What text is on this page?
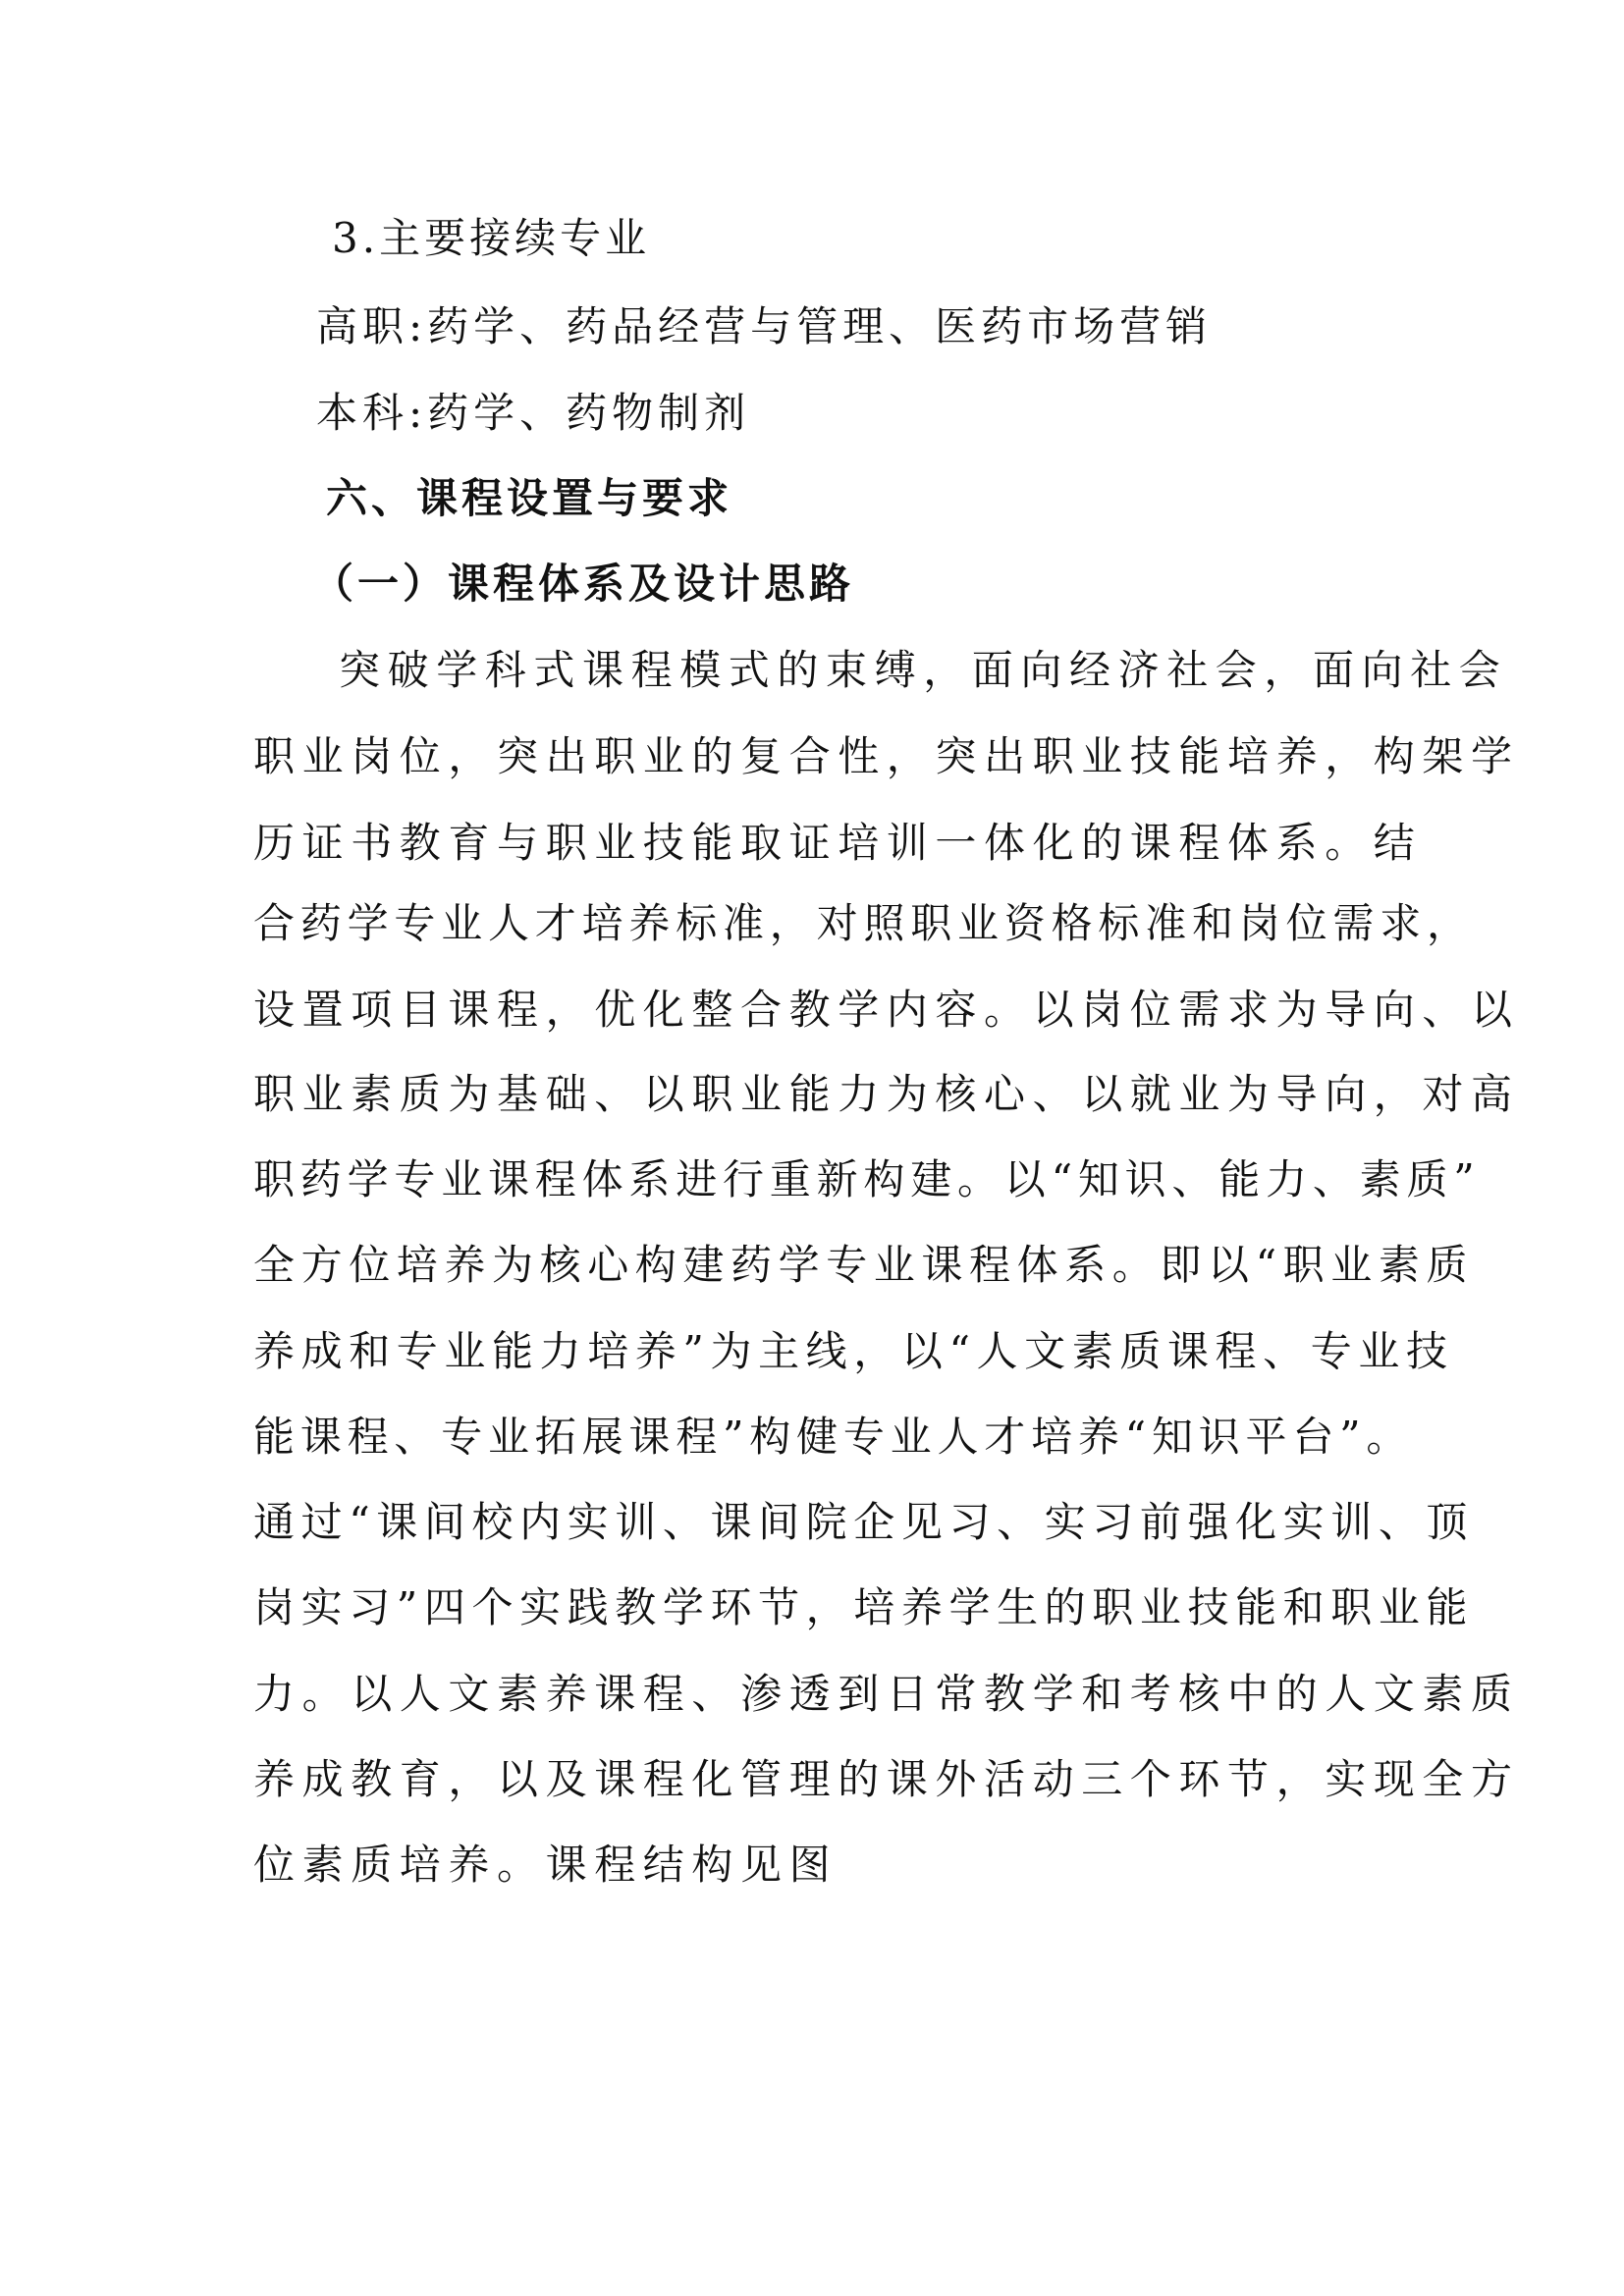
3.主要接续专业
高职:药学、药品经营与管理、医药市场营销
本科:药学、药物制剂
六、课程设置与要求
（一）课程体系及设计思路
突破学科式课程模式的束缚，面向经济社会，面向社会
职业岗位，突出职业的复合性，突出职业技能培养，构架学
历证书教育与职业技能取证培训一体化的课程体系。结
合药学专业人才培养标准，对照职业资格标准和岗位需求，
设置项目课程，优化整合教学内容。以岗位需求为导向、以
职业素质为基础、以职业能力为核心、以就业为导向，对高
职药学专业课程体系进行重新构建。以“知识、能力、素质”
全方位培养为核心构建药学专业课程体系。即以“职业素质
养成和专业能力培养”为主线，以“人文素质课程、专业技
能课程、专业拓展课程”构健专业人才培养“知识平台”。
通过“课间校内实训、课间院企见习、实习前强化实训、顶
岗实习”四个实践教学环节，培养学生的职业技能和职业能
力。以人文素养课程、渗透到日常教学和考核中的人文素质
养成教育，以及课程化管理的课外活动三个环节，实现全方
位素质培养。课程结构见图
